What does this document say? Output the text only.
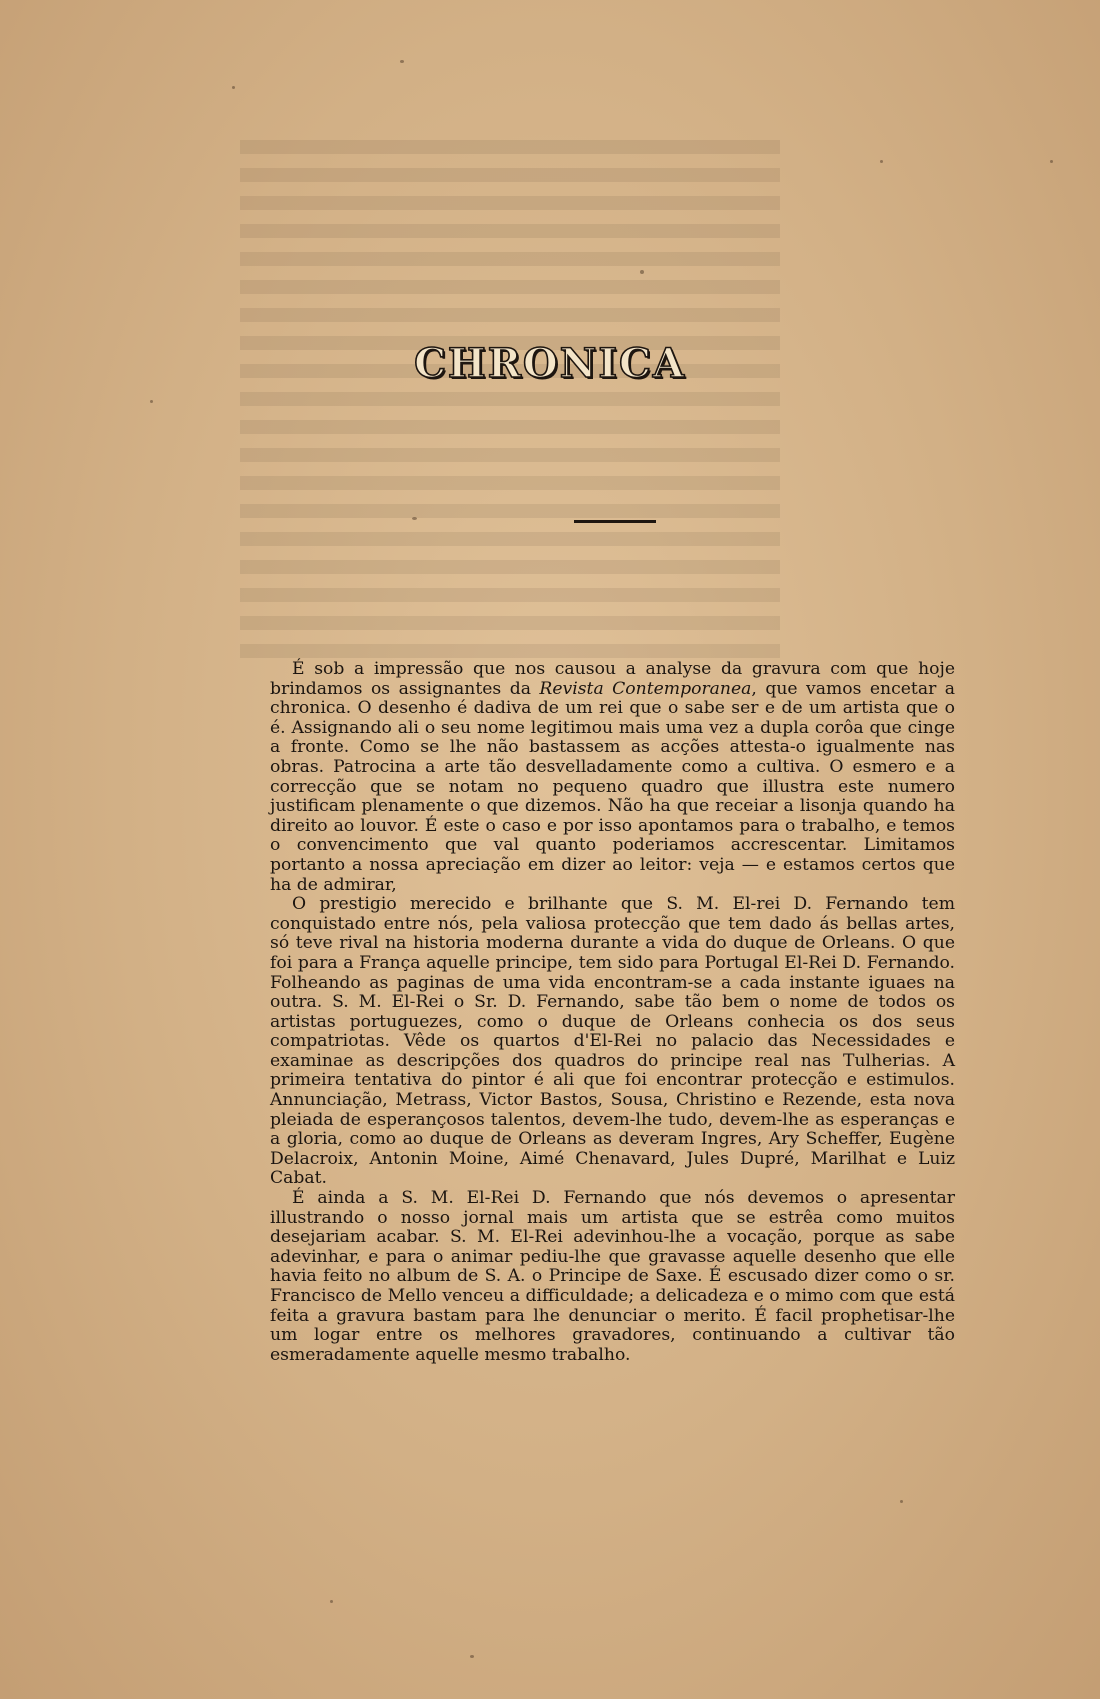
CHRONICA

É sob a impressão que nos causou a analyse da gravura com que hoje brindamos os assignantes da Revista Contemporanea, que vamos encetar a chronica. O desenho é dadiva de um rei que o sabe ser e de um artista que o é. Assignando ali o seu nome legitimou mais uma vez a dupla corôa que cinge a fronte. Como se lhe não bastassem as acções attesta-o igualmente nas obras. Patrocina a arte tão desvelladamente como a cultiva. O esmero e a correcção que se notam no pequeno quadro que illustra este numero justificam plenamente o que dizemos. Não ha que receiar a lisonja quando ha direito ao louvor. É este o caso e por isso apontamos para o trabalho, e temos o convencimento que val quanto poderiamos accrescentar. Limitamos portanto a nossa apreciação em dizer ao leitor: veja — e estamos certos que ha de admirar,

O prestigio merecido e brilhante que S. M. El-rei D. Fernando tem conquistado entre nós, pela valiosa protecção que tem dado ás bellas artes, só teve rival na historia moderna durante a vida do duque de Orleans. O que foi para a França aquelle principe, tem sido para Portugal El-Rei D. Fernando. Folheando as paginas de uma vida encontram-se a cada instante iguaes na outra. S. M. El-Rei o Sr. D. Fernando, sabe tão bem o nome de todos os artistas portuguezes, como o duque de Orleans conhecia os dos seus compatriotas. Vêde os quartos d'El-Rei no palacio das Necessidades e examinae as descripções dos quadros do principe real nas Tulherias. A primeira tentativa do pintor é ali que foi encontrar protecção e estimulos. Annunciação, Metrass, Victor Bastos, Sousa, Christino e Rezende, esta nova pleiada de esperançosos talentos, devem-lhe tudo, devem-lhe as esperanças e a gloria, como ao duque de Orleans as deveram Ingres, Ary Scheffer, Eugène Delacroix, Antonin Moine, Aimé Chenavard, Jules Dupré, Marilhat e Luiz Cabat.

É ainda a S. M. El-Rei D. Fernando que nós devemos o apresentar illustrando o nosso jornal mais um artista que se estrêa como muitos desejariam acabar. S. M. El-Rei adevinhou-lhe a vocação, porque as sabe adevinhar, e para o animar pediu-lhe que gravasse aquelle desenho que elle havia feito no album de S. A. o Principe de Saxe. É escusado dizer como o sr. Francisco de Mello venceu a difficuldade; a delicadeza e o mimo com que está feita a gravura bastam para lhe denunciar o merito. É facil prophetisar-lhe um logar entre os melhores gravadores, continuando a cultivar tão esmeradamente aquelle mesmo trabalho.
